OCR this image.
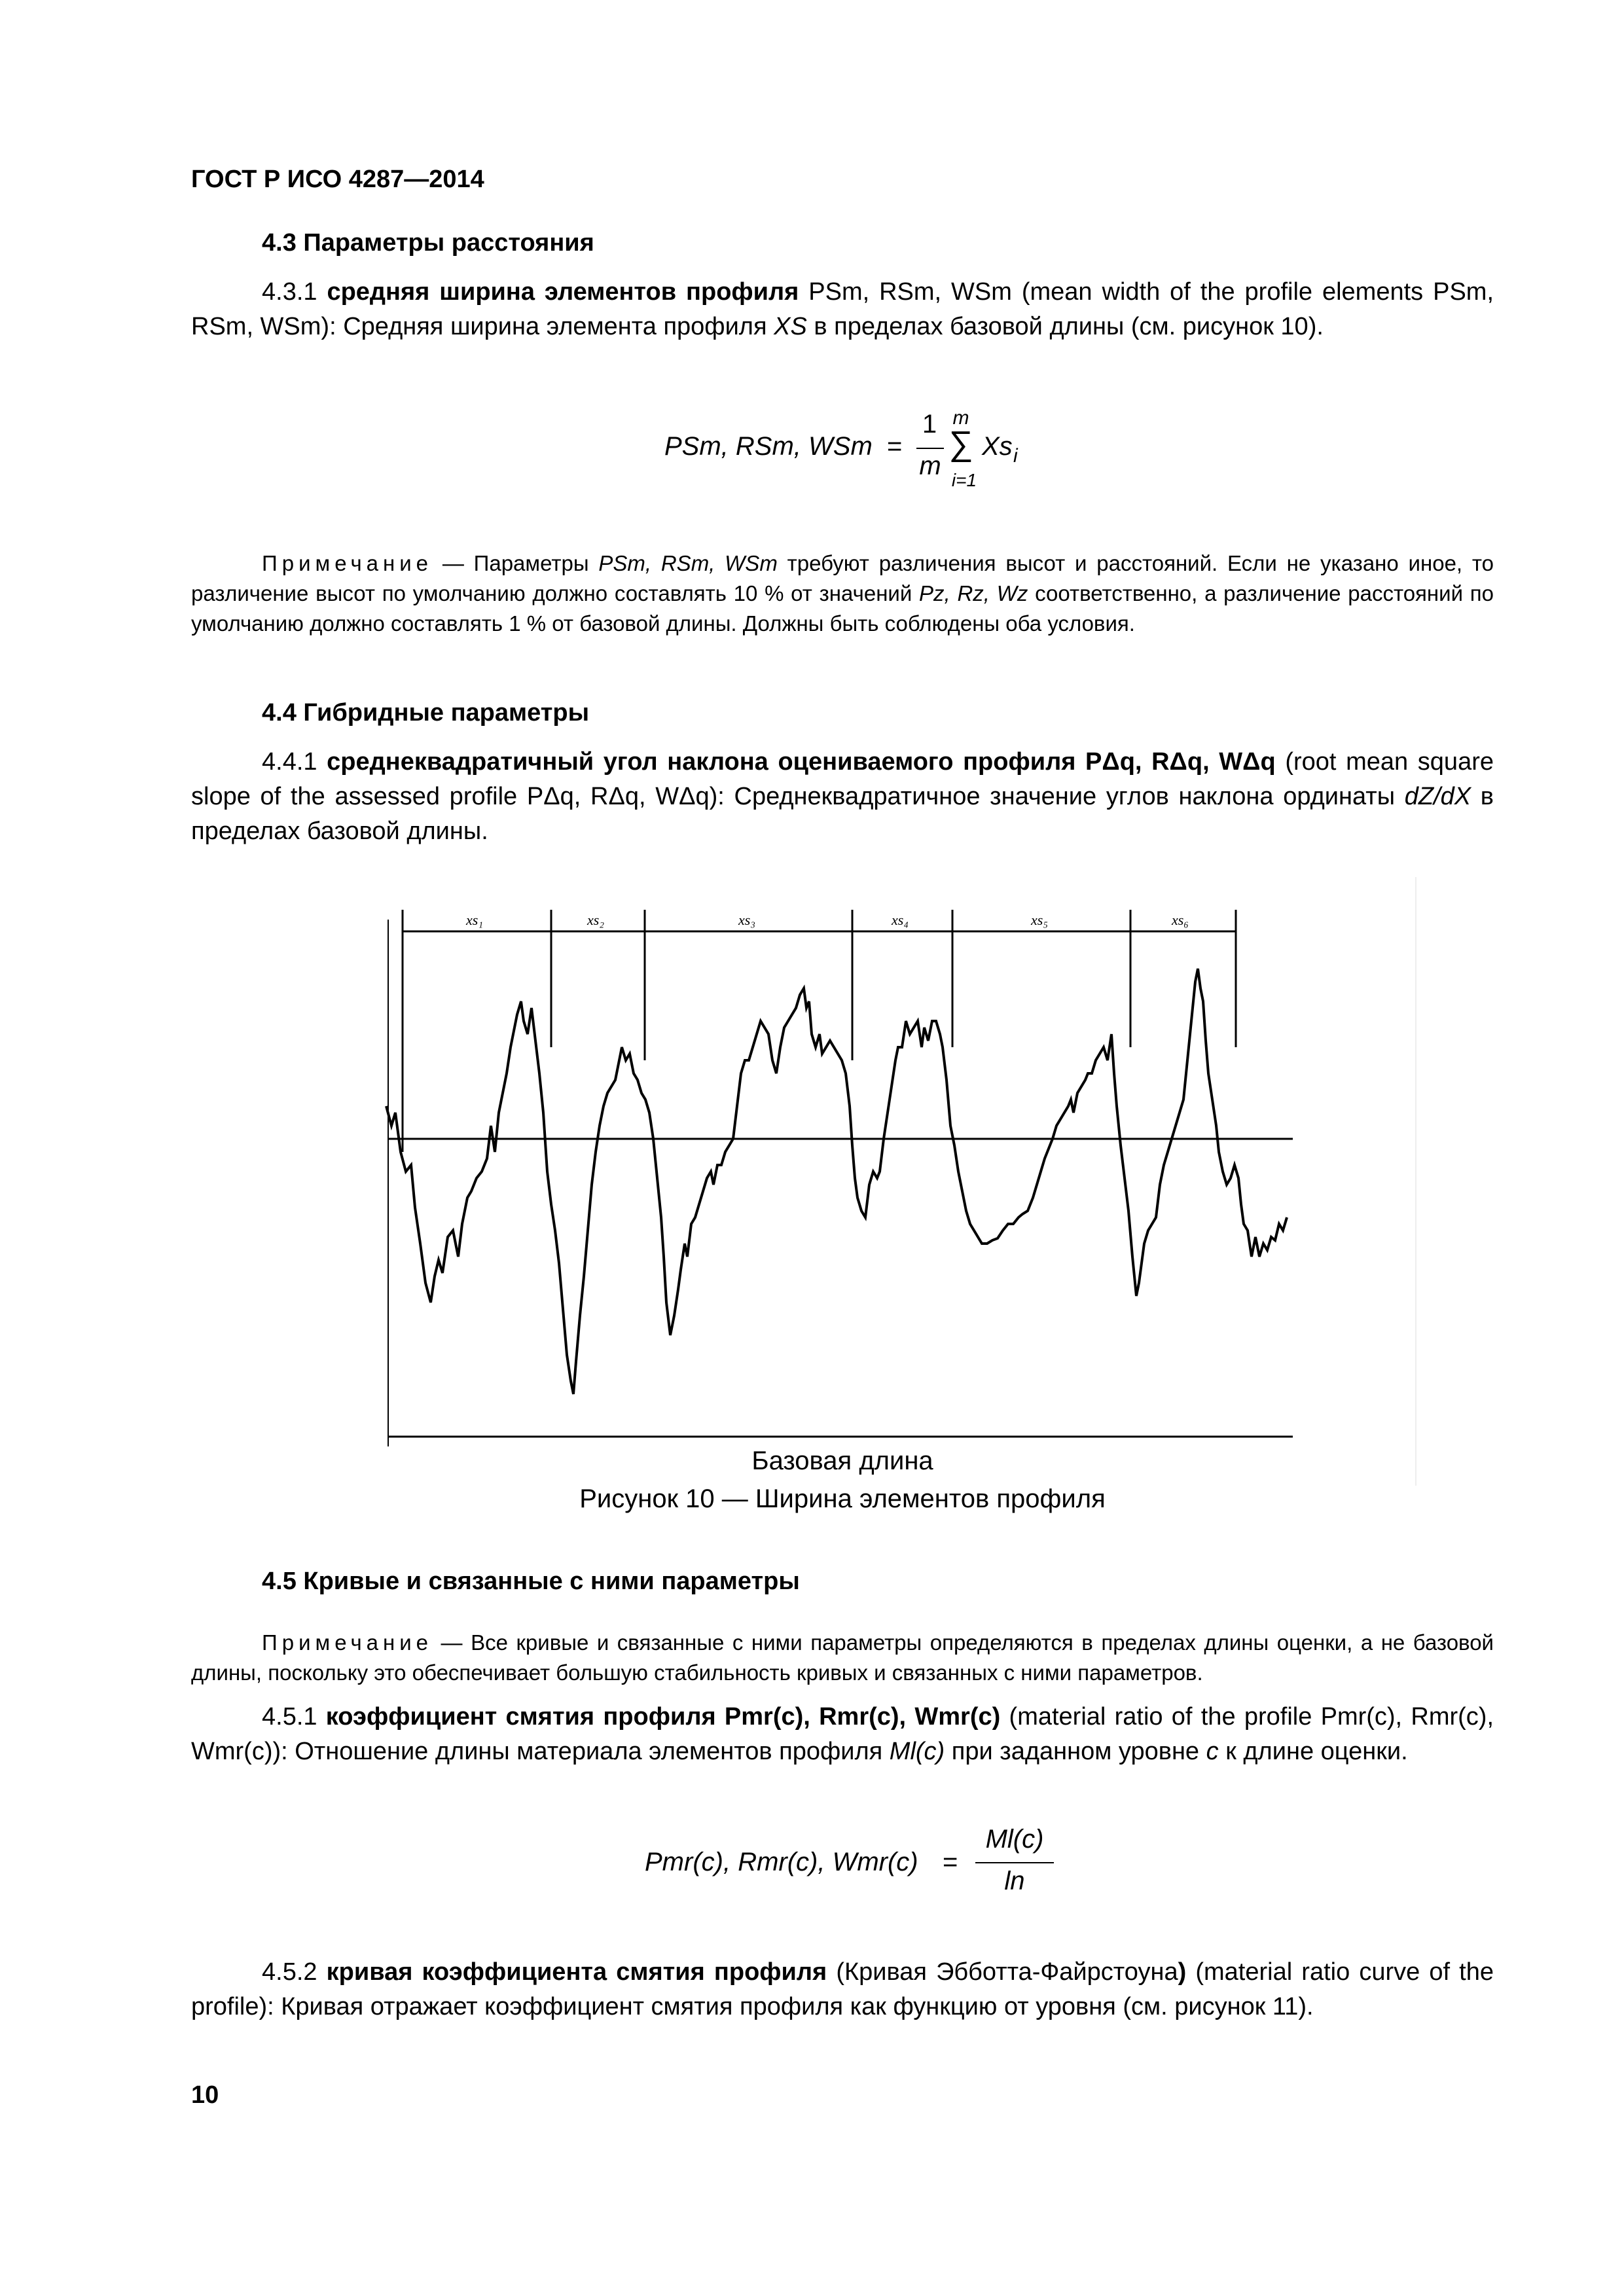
ГОСТ Р ИСО 4287—2014
4.3 Параметры расстояния
4.3.1 средняя ширина элементов профиля PSm, RSm, WSm (mean width of the profile elements PSm, RSm, WSm): Средняя ширина элемента профиля XS в пределах базовой длины (см. рисунок 10).
PSm, RSm, WSm =
1
m
m
∑
i=1
Xs i
Примечание — Параметры PSm, RSm, WSm требуют различения высот и расстояний. Если не указано иное, то различение высот по умолчанию должно составлять 10 % от значений Pz, Rz, Wz соответственно, а различение расстояний по умолчанию должно составлять 1 % от базовой длины. Должны быть соблюдены оба условия.
4.4 Гибридные параметры
4.4.1 среднеквадратичный угол наклона оцениваемого профиля PΔq, RΔq, WΔq (root mean square slope of the assessed profile PΔq, RΔq, WΔq): Среднеквадратичное значение углов наклона ординаты dZ/dX в пределах базовой длины.
xs₁	xs₂	xs₃	xs₄	xs₅	xs₆
Базовая длина
Рисунок 10 — Ширина элементов профиля
4.5 Кривые и связанные с ними параметры
Примечание — Все кривые и связанные с ними параметры определяются в пределах длины оценки, а не базовой длины, поскольку это обеспечивает большую стабильность кривых и связанных с ними параметров.
4.5.1 коэффициент смятия профиля Pmr(c), Rmr(c), Wmr(c) (material ratio of the profile Pmr(c), Rmr(c), Wmr(c)): Отношение длины материала элементов профиля Ml(c) при заданном уровне c к длине оценки.
Pmr(c), Rmr(c), Wmr(c) =
Ml(c)
ln
4.5.2 кривая коэффициента смятия профиля (Кривая Эбботта-Файрстоуна) (material ratio curve of the profile): Кривая отражает коэффициент смятия профиля как функцию от уровня (см. рисунок 11).
10
